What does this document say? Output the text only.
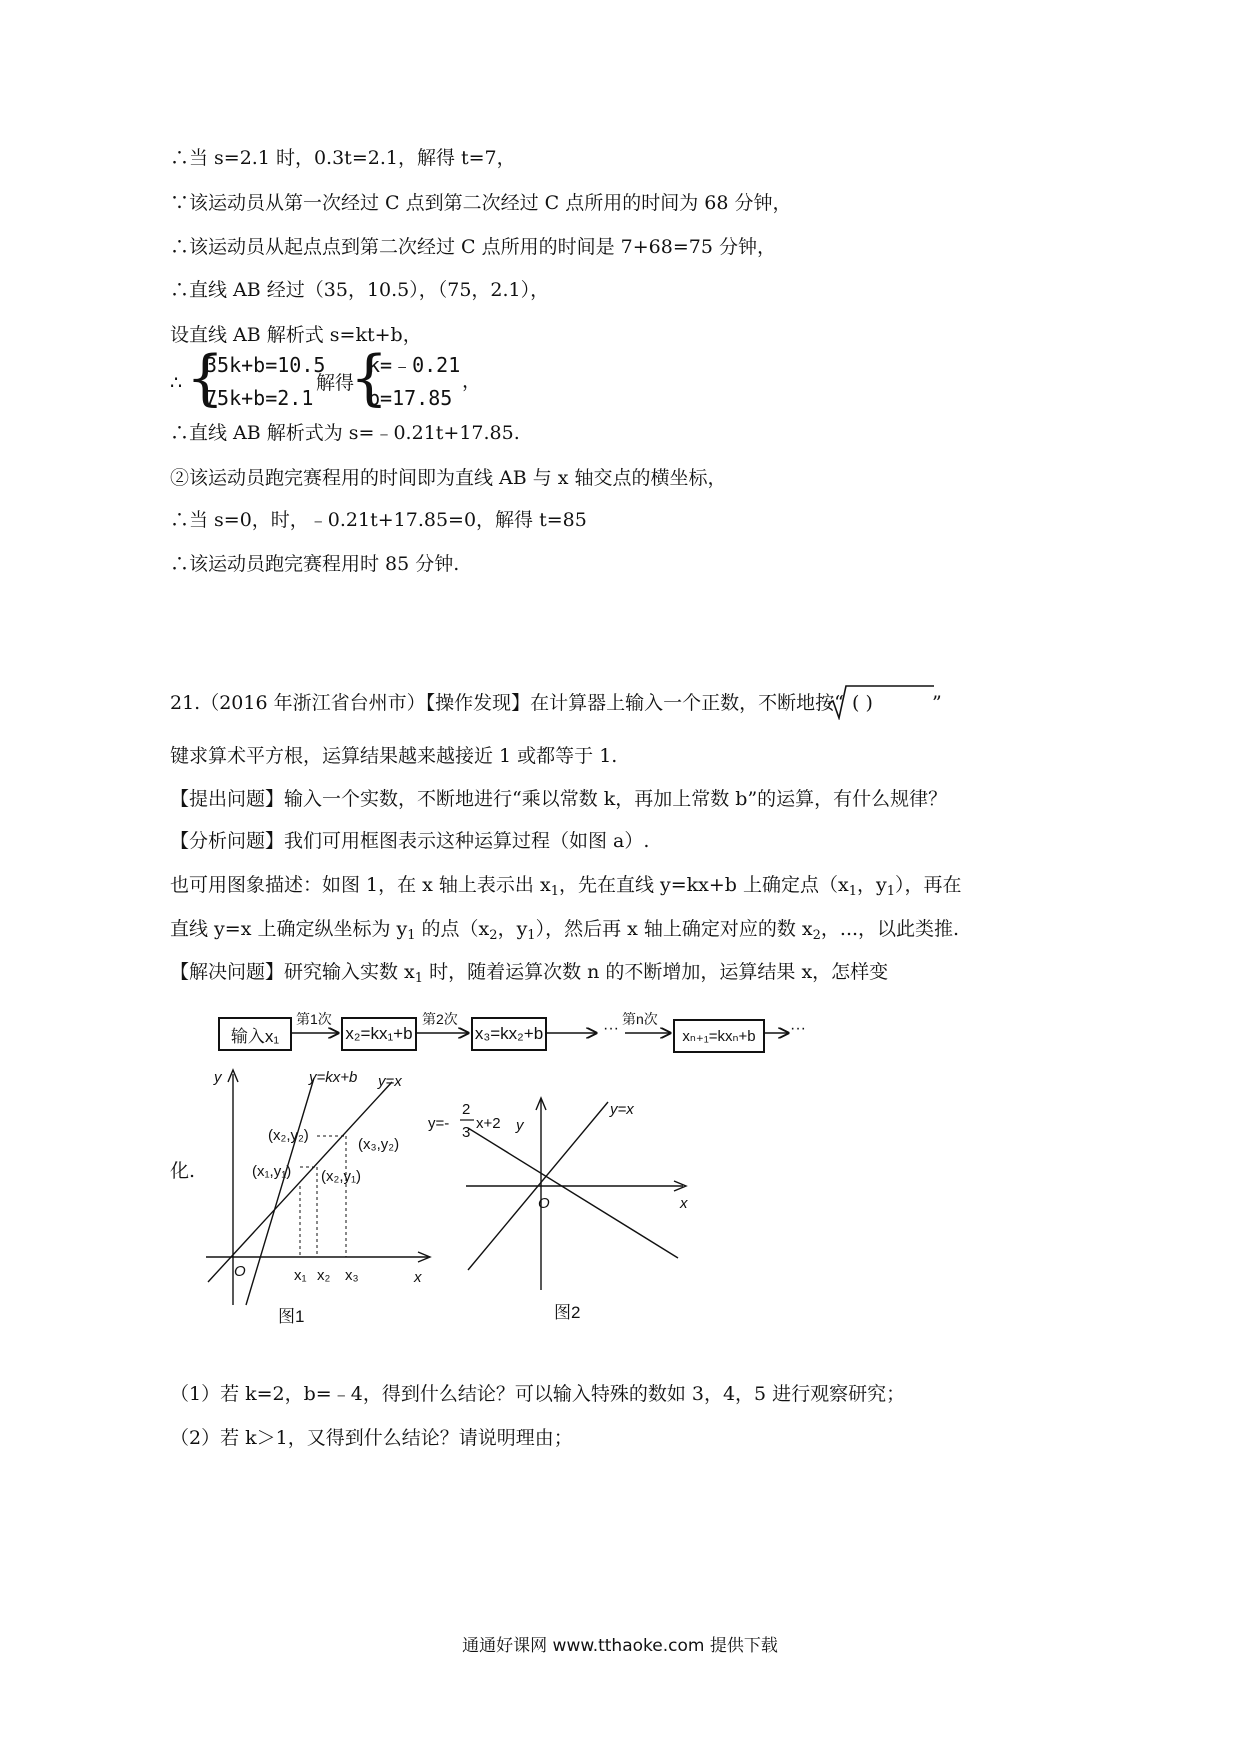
∴当 s=2.1 时，0.3t=2.1，解得 t=7，
∵该运动员从第一次经过 C 点到第二次经过 C 点所用的时间为 68 分钟，
∴该运动员从起点点到第二次经过 C 点所用的时间是 7+68=75 分钟，
∴直线 AB 经过（35，10.5），（75，2.1），
设直线 AB 解析式 s=kt+b，
∴ {
35k+b=10.5
75k+b=2.1
解得
{
k=﹣0.21
b=17.85
，
∴直线 AB 解析式为 s=﹣0.21t+17.85.
②该运动员跑完赛程用的时间即为直线 AB 与 x 轴交点的横坐标，
∴当 s=0，时，﹣0.21t+17.85=0，解得 t=85
∴该运动员跑完赛程用时 85 分钟.
21.（2016 年浙江省台州市）【操作发现】在计算器上输入一个正数，不断地按“ ( )	”
键求算术平方根，运算结果越来越接近 1 或都等于 1.
【提出问题】输入一个实数，不断地进行“乘以常数 k，再加上常数 b”的运算，有什么规律？
【分析问题】我们可用框图表示这种运算过程（如图 a）.
也可用图象描述：如图 1，在 x 轴上表示出 $x_1$，先在直线 y=kx+b 上确定点（$x_1$，$y_1$），再在
直线 y=x 上确定纵坐标为 $y_1$ 的点（$x_2$，$y_1$），然后再 x 轴上确定对应的数 $x_2$，...，以此类推.
【解决问题】研究输入实数 $x_1$ 时，随着运算次数 n 的不断增加，运算结果 x，怎样变
输入x₁
第1次
x₂=kx₁+b
第2次
x₃=kx₂+b	···
第n次
xₙ₊₁=kxₙ+b	···
化.
y
x
O
y=kx+b y=x
(x₂,y₂)
(x₃,y₂)
(x₁,y₁) (x₂,y₁)
x₁ x₂ x₃
图1
y=-
2
3
x+2 y
x
O
y=x
图2
（1）若 k=2，b=﹣4，得到什么结论？可以输入特殊的数如 3，4，5 进行观察研究；
（2）若 k＞1，又得到什么结论？请说明理由；
通通好课网 www.tthaoke.com 提供下载
